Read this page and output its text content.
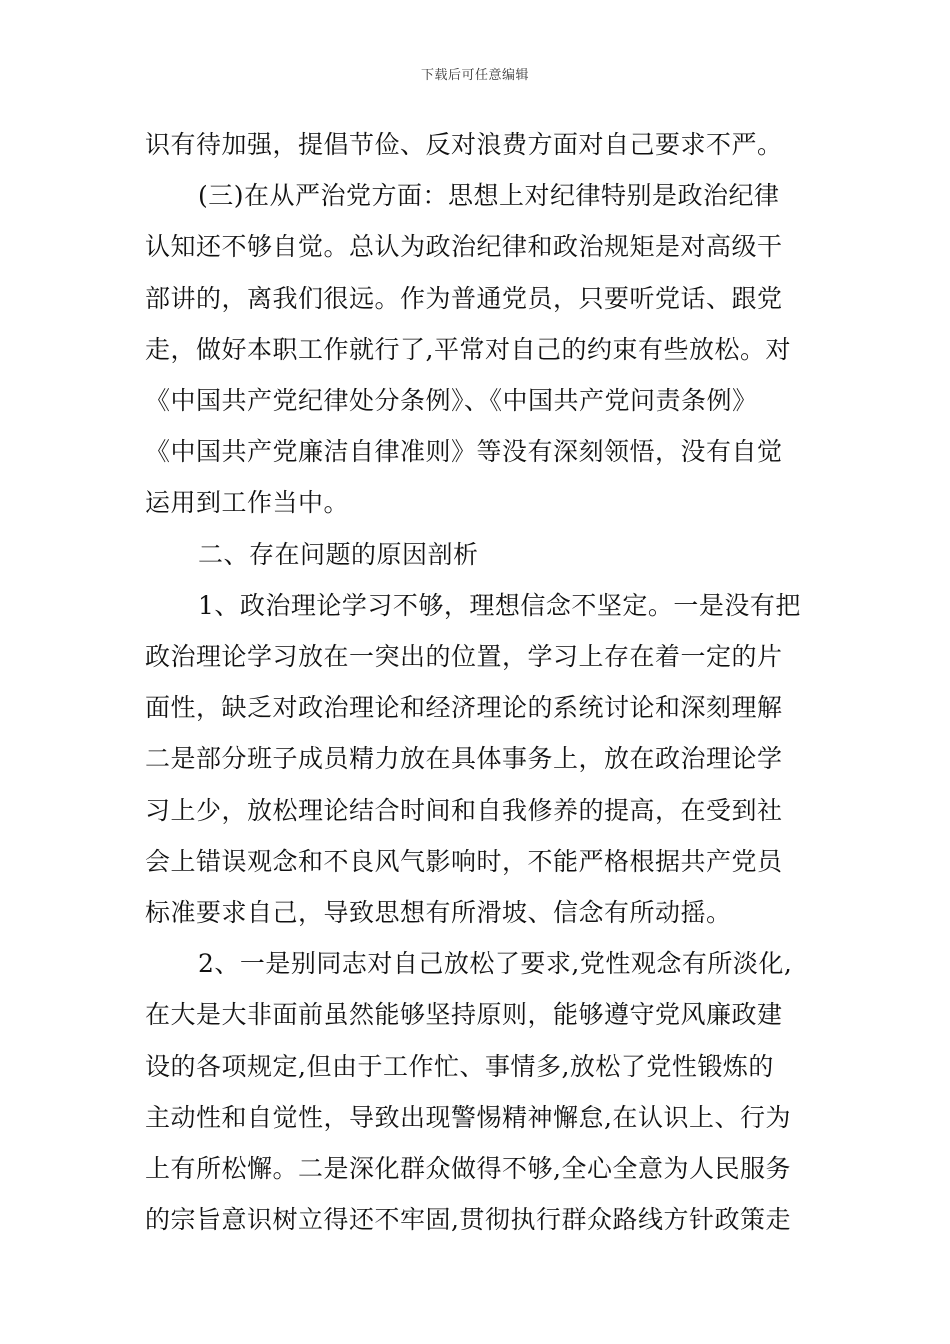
下载后可任意编辑
识有待加强，提倡节俭、反对浪费方面对自己要求不严。
(三)在从严治党方面：思想上对纪律特别是政治纪律
认知还不够自觉。总认为政治纪律和政治规矩是对高级干
部讲的，离我们很远。作为普通党员，只要听党话、跟党
走，做好本职工作就行了,平常对自己的约束有些放松。对
《中国共产党纪律处分条例》、《中国共产党问责条例》
《中国共产党廉洁自律准则》等没有深刻领悟，没有自觉
运用到工作当中。
二、存在问题的原因剖析
1、政治理论学习不够，理想信念不坚定。一是没有把
政治理论学习放在一突出的位置，学习上存在着一定的片
面性，缺乏对政治理论和经济理论的系统讨论和深刻理解
二是部分班子成员精力放在具体事务上，放在政治理论学
习上少，放松理论结合时间和自我修养的提高，在受到社
会上错误观念和不良风气影响时，不能严格根据共产党员
标准要求自己，导致思想有所滑坡、信念有所动摇。
2、一是别同志对自己放松了要求,党性观念有所淡化,
在大是大非面前虽然能够坚持原则，能够遵守党风廉政建
设的各项规定,但由于工作忙、事情多,放松了党性锻炼的
主动性和自觉性，导致出现警惕精神懈怠,在认识上、行为
上有所松懈。二是深化群众做得不够,全心全意为人民服务
的宗旨意识树立得还不牢固,贯彻执行群众路线方针政策走
